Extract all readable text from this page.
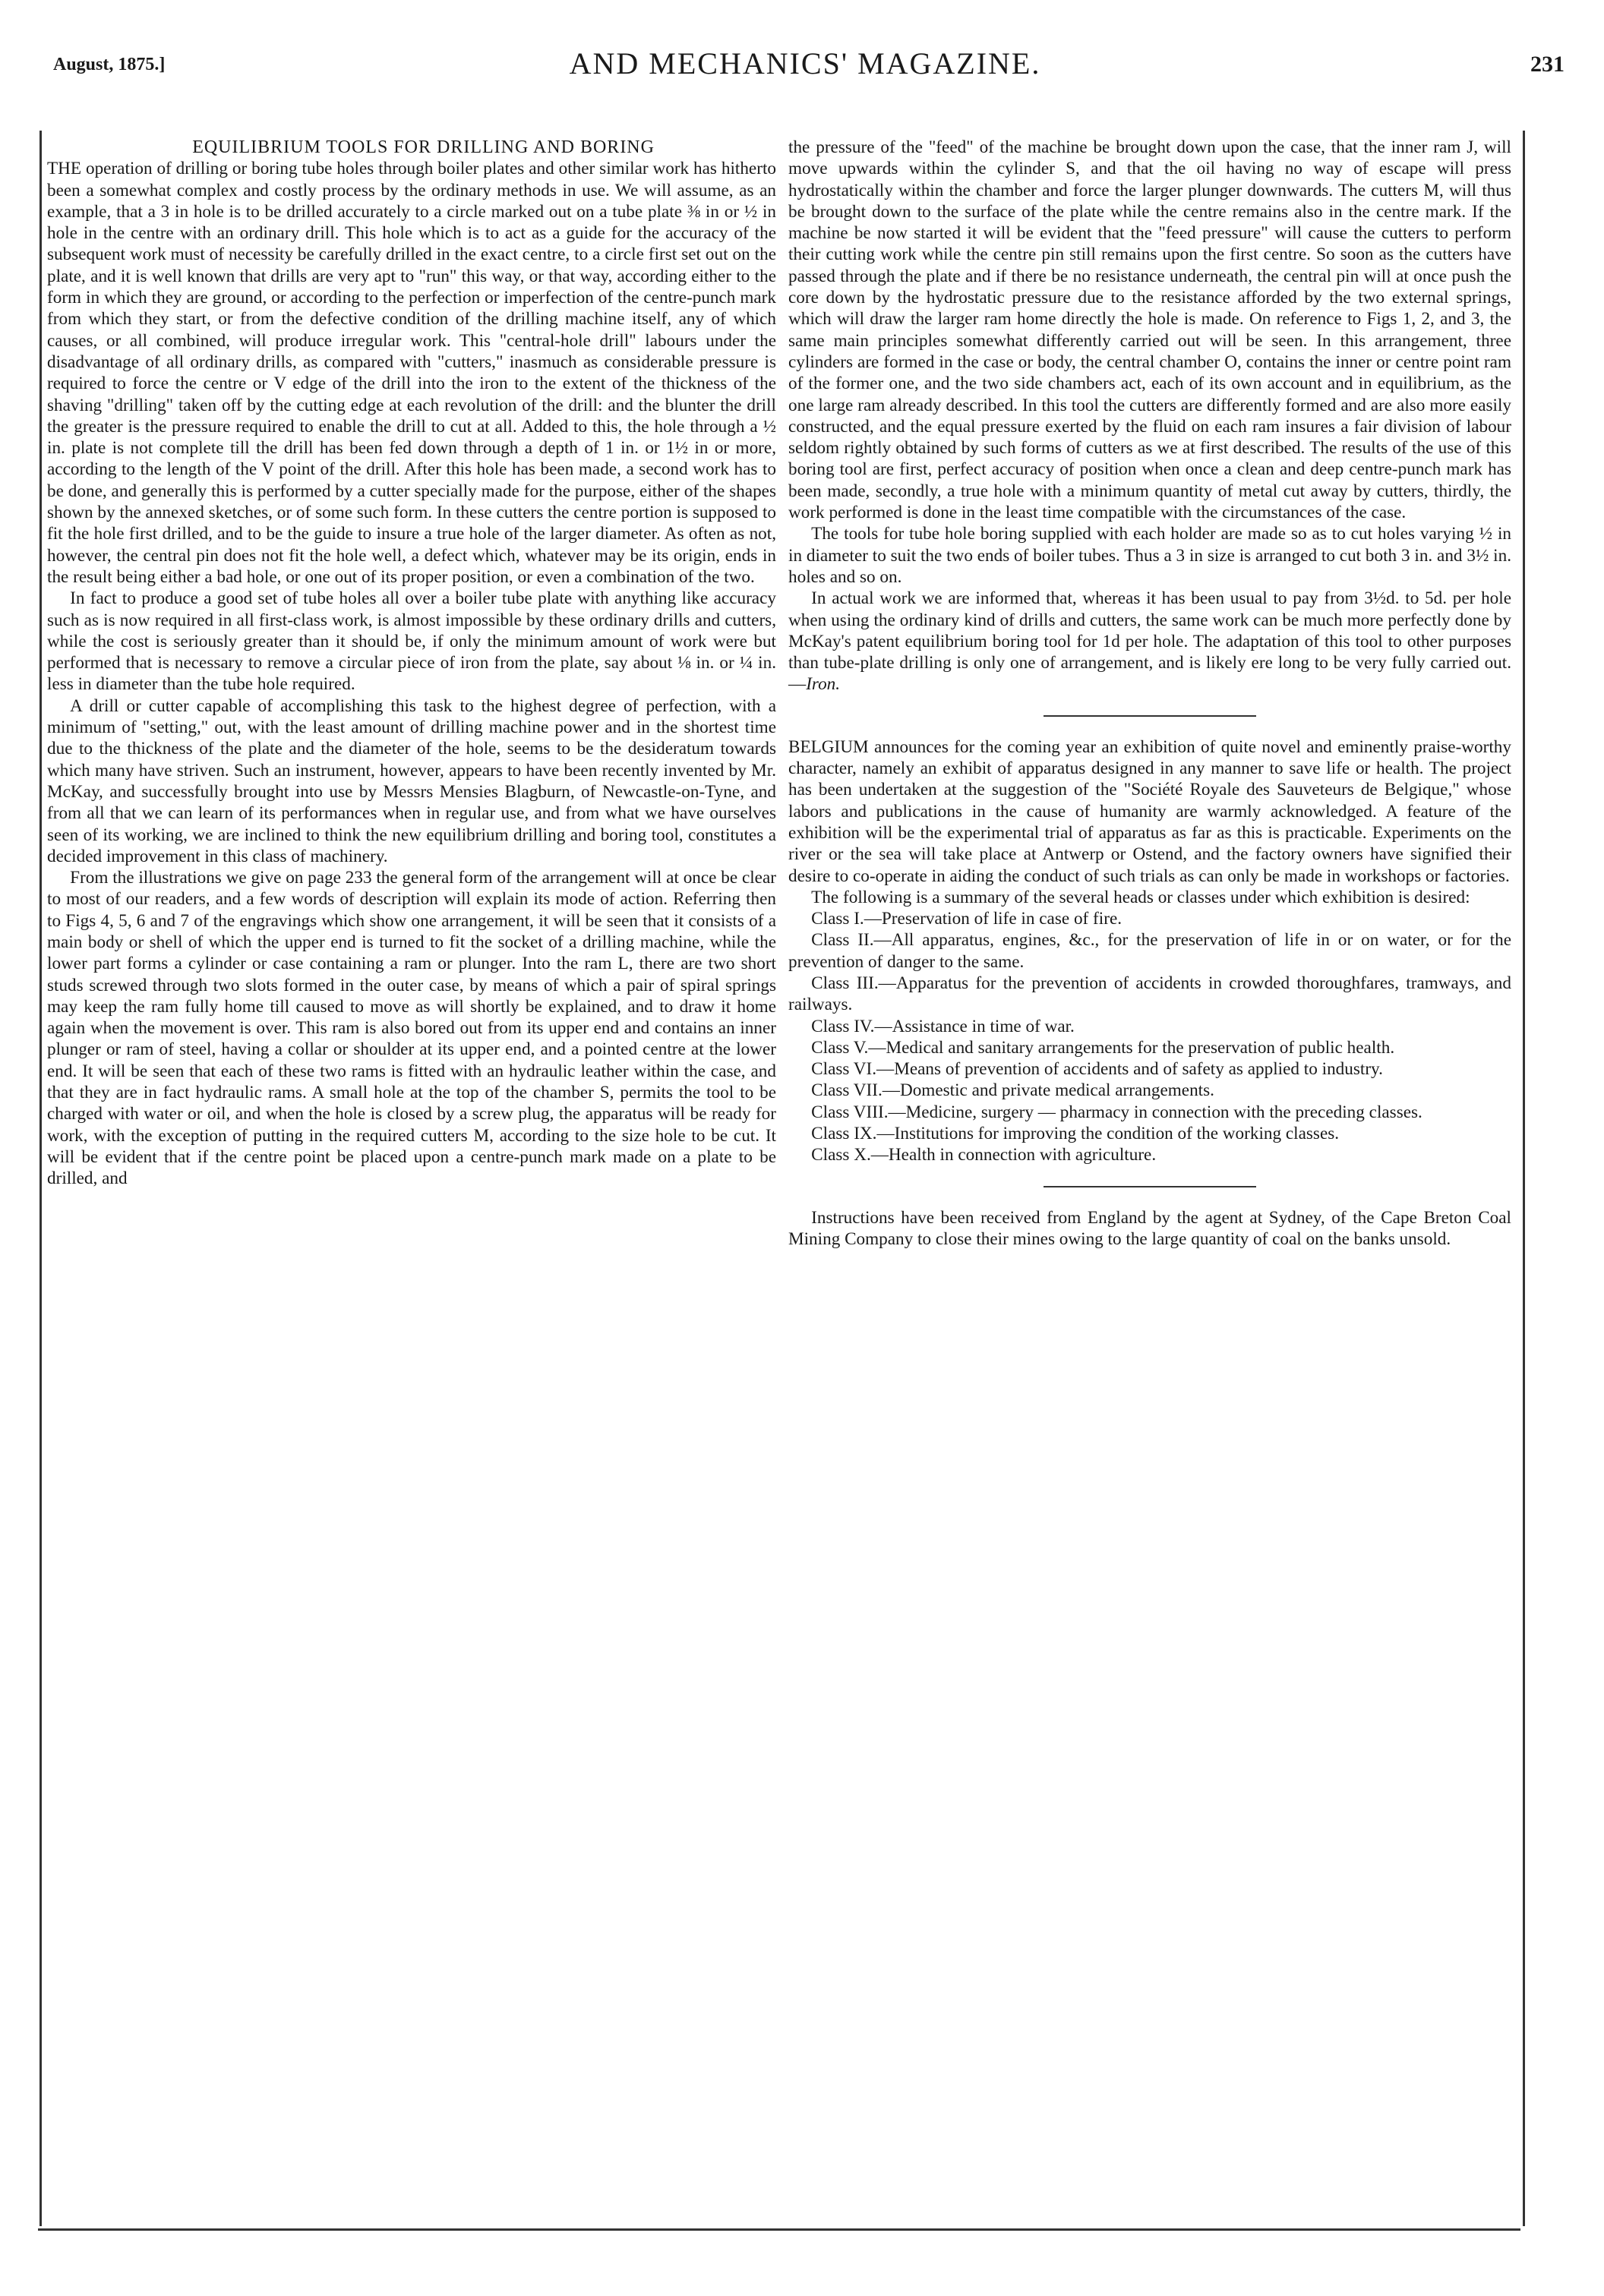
August, 1875.]	AND MECHANICS' MAGAZINE.	231

EQUILIBRIUM TOOLS FOR DRILLING AND BORING

THE operation of drilling or boring tube holes through boiler plates and other similar work has hitherto been a somewhat complex and costly process by the ordinary methods in use. We will assume, as an example, that a 3 in hole is to be drilled accurately to a circle marked out on a tube plate ⅜ in or ½ in hole in the centre with an ordinary drill. This hole which is to act as a guide for the accuracy of the subsequent work must of necessity be carefully drilled in the exact centre, to a circle first set out on the plate, and it is well known that drills are very apt to "run" this way, or that way, according either to the form in which they are ground, or according to the perfection or imperfection of the centre-punch mark from which they start, or from the defective condition of the drilling machine itself, any of which causes, or all combined, will produce irregular work. This "central-hole drill" labours under the disadvantage of all ordinary drills, as compared with "cutters," inasmuch as considerable pressure is required to force the centre or V edge of the drill into the iron to the extent of the thickness of the shaving "drilling" taken off by the cutting edge at each revolution of the drill: and the blunter the drill the greater is the pressure required to enable the drill to cut at all. Added to this, the hole through a ½ in. plate is not complete till the drill has been fed down through a depth of 1 in. or 1½ in or more, according to the length of the V point of the drill. After this hole has been made, a second work has to be done, and generally this is performed by a cutter specially made for the purpose, either of the shapes shown by the annexed sketches, or of some such form. In these cutters the centre portion is supposed to fit the hole first drilled, and to be the guide to insure a true hole of the larger diameter. As often as not, however, the central pin does not fit the hole well, a defect which, whatever may be its origin, ends in the result being either a bad hole, or one out of its proper position, or even a combination of the two.

In fact to produce a good set of tube holes all over a boiler tube plate with anything like accuracy such as is now required in all first-class work, is almost impossible by these ordinary drills and cutters, while the cost is seriously greater than it should be, if only the minimum amount of work were but performed that is necessary to remove a circular piece of iron from the plate, say about ⅛ in. or ¼ in. less in diameter than the tube hole required.

A drill or cutter capable of accomplishing this task to the highest degree of perfection, with a minimum of "setting," out, with the least amount of drilling machine power and in the shortest time due to the thickness of the plate and the diameter of the hole, seems to be the desideratum towards which many have striven. Such an instrument, however, appears to have been recently invented by Mr. McKay, and successfully brought into use by Messrs Mensies Blagburn, of Newcastle-on-Tyne, and from all that we can learn of its performances when in regular use, and from what we have ourselves seen of its working, we are inclined to think the new equilibrium drilling and boring tool, constitutes a decided improvement in this class of machinery.

From the illustrations we give on page 233 the general form of the arrangement will at once be clear to most of our readers, and a few words of description will explain its mode of action. Referring then to Figs 4, 5, 6 and 7 of the engravings which show one arrangement, it will be seen that it consists of a main body or shell of which the upper end is turned to fit the socket of a drilling machine, while the lower part forms a cylinder or case containing a ram or plunger. Into the ram L, there are two short studs screwed through two slots formed in the outer case, by means of which a pair of spiral springs may keep the ram fully home till caused to move as will shortly be explained, and to draw it home again when the movement is over. This ram is also bored out from its upper end and contains an inner plunger or ram of steel, having a collar or shoulder at its upper end, and a pointed centre at the lower end. It will be seen that each of these two rams is fitted with an hydraulic leather within the case, and that they are in fact hydraulic rams. A small hole at the top of the chamber S, permits the tool to be charged with water or oil, and when the hole is closed by a screw plug, the apparatus will be ready for work, with the exception of putting in the required cutters M, according to the size hole to be cut. It will be evident that if the centre point be placed upon a centre-punch mark made on a plate to be drilled, and

the pressure of the "feed" of the machine be brought down upon the case, that the inner ram J, will move upwards within the cylinder S, and that the oil having no way of escape will press hydrostatically within the chamber and force the larger plunger downwards. The cutters M, will thus be brought down to the surface of the plate while the centre remains also in the centre mark. If the machine be now started it will be evident that the "feed pressure" will cause the cutters to perform their cutting work while the centre pin still remains upon the first centre. So soon as the cutters have passed through the plate and if there be no resistance underneath, the central pin will at once push the core down by the hydrostatic pressure due to the resistance afforded by the two external springs, which will draw the larger ram home directly the hole is made. On reference to Figs 1, 2, and 3, the same main principles somewhat differently carried out will be seen. In this arrangement, three cylinders are formed in the case or body, the central chamber O, contains the inner or centre point ram of the former one, and the two side chambers act, each of its own account and in equilibrium, as the one large ram already described. In this tool the cutters are differently formed and are also more easily constructed, and the equal pressure exerted by the fluid on each ram insures a fair division of labour seldom rightly obtained by such forms of cutters as we at first described. The results of the use of this boring tool are first, perfect accuracy of position when once a clean and deep centre-punch mark has been made, secondly, a true hole with a minimum quantity of metal cut away by cutters, thirdly, the work performed is done in the least time compatible with the circumstances of the case.

The tools for tube hole boring supplied with each holder are made so as to cut holes varying ½ in in diameter to suit the two ends of boiler tubes. Thus a 3 in size is arranged to cut both 3 in. and 3½ in. holes and so on.

In actual work we are informed that, whereas it has been usual to pay from 3½d. to 5d. per hole when using the ordinary kind of drills and cutters, the same work can be much more perfectly done by McKay's patent equilibrium boring tool for 1d per hole. The adaptation of this tool to other purposes than tube-plate drilling is only one of arrangement, and is likely ere long to be very fully carried out.—Iron.

BELGIUM announces for the coming year an exhibition of quite novel and eminently praise-worthy character, namely an exhibit of apparatus designed in any manner to save life or health. The project has been undertaken at the suggestion of the "Société Royale des Sauveteurs de Belgique," whose labors and publications in the cause of humanity are warmly acknowledged. A feature of the exhibition will be the experimental trial of apparatus as far as this is practicable. Experiments on the river or the sea will take place at Antwerp or Ostend, and the factory owners have signified their desire to co-operate in aiding the conduct of such trials as can only be made in workshops or factories.

The following is a summary of the several heads or classes under which exhibition is desired:

Class I.—Preservation of life in case of fire.

Class II.—All apparatus, engines, &c., for the preservation of life in or on water, or for the prevention of danger to the same.

Class III.—Apparatus for the prevention of accidents in crowded thoroughfares, tramways, and railways.

Class IV.—Assistance in time of war.

Class V.—Medical and sanitary arrangements for the preservation of public health.

Class VI.—Means of prevention of accidents and of safety as applied to industry.

Class VII.—Domestic and private medical arrangements.

Class VIII.—Medicine, surgery — pharmacy in connection with the preceding classes.

Class IX.—Institutions for improving the condition of the working classes.

Class X.—Health in connection with agriculture.

Instructions have been received from England by the agent at Sydney, of the Cape Breton Coal Mining Company to close their mines owing to the large quantity of coal on the banks unsold.
